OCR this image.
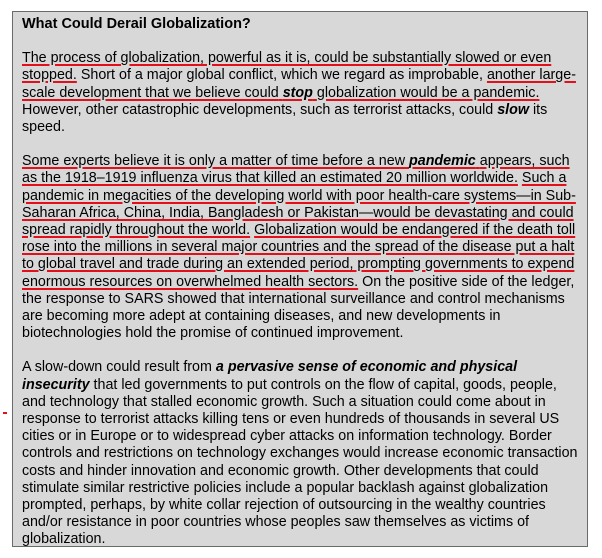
What Could Derail Globalization?

The process of globalization, powerful as it is, could be substantially slowed or even stopped. Short of a major global conflict, which we regard as improbable, another large-scale development that we believe could stop globalization would be a pandemic. However, other catastrophic developments, such as terrorist attacks, could slow its speed.

Some experts believe it is only a matter of time before a new pandemic appears, such as the 1918–1919 influenza virus that killed an estimated 20 million worldwide. Such a pandemic in megacities of the developing world with poor health-care systems—in Sub-Saharan Africa, China, India, Bangladesh or Pakistan—would be devastating and could spread rapidly throughout the world. Globalization would be endangered if the death toll rose into the millions in several major countries and the spread of the disease put a halt to global travel and trade during an extended period, prompting governments to expend enormous resources on overwhelmed health sectors. On the positive side of the ledger, the response to SARS showed that international surveillance and control mechanisms are becoming more adept at containing diseases, and new developments in biotechnologies hold the promise of continued improvement.

A slow-down could result from a pervasive sense of economic and physical insecurity that led governments to put controls on the flow of capital, goods, people, and technology that stalled economic growth. Such a situation could come about in response to terrorist attacks killing tens or even hundreds of thousands in several US cities or in Europe or to widespread cyber attacks on information technology. Border controls and restrictions on technology exchanges would increase economic transaction costs and hinder innovation and economic growth. Other developments that could stimulate similar restrictive policies include a popular backlash against globalization prompted, perhaps, by white collar rejection of outsourcing in the wealthy countries and/or resistance in poor countries whose peoples saw themselves as victims of globalization.
